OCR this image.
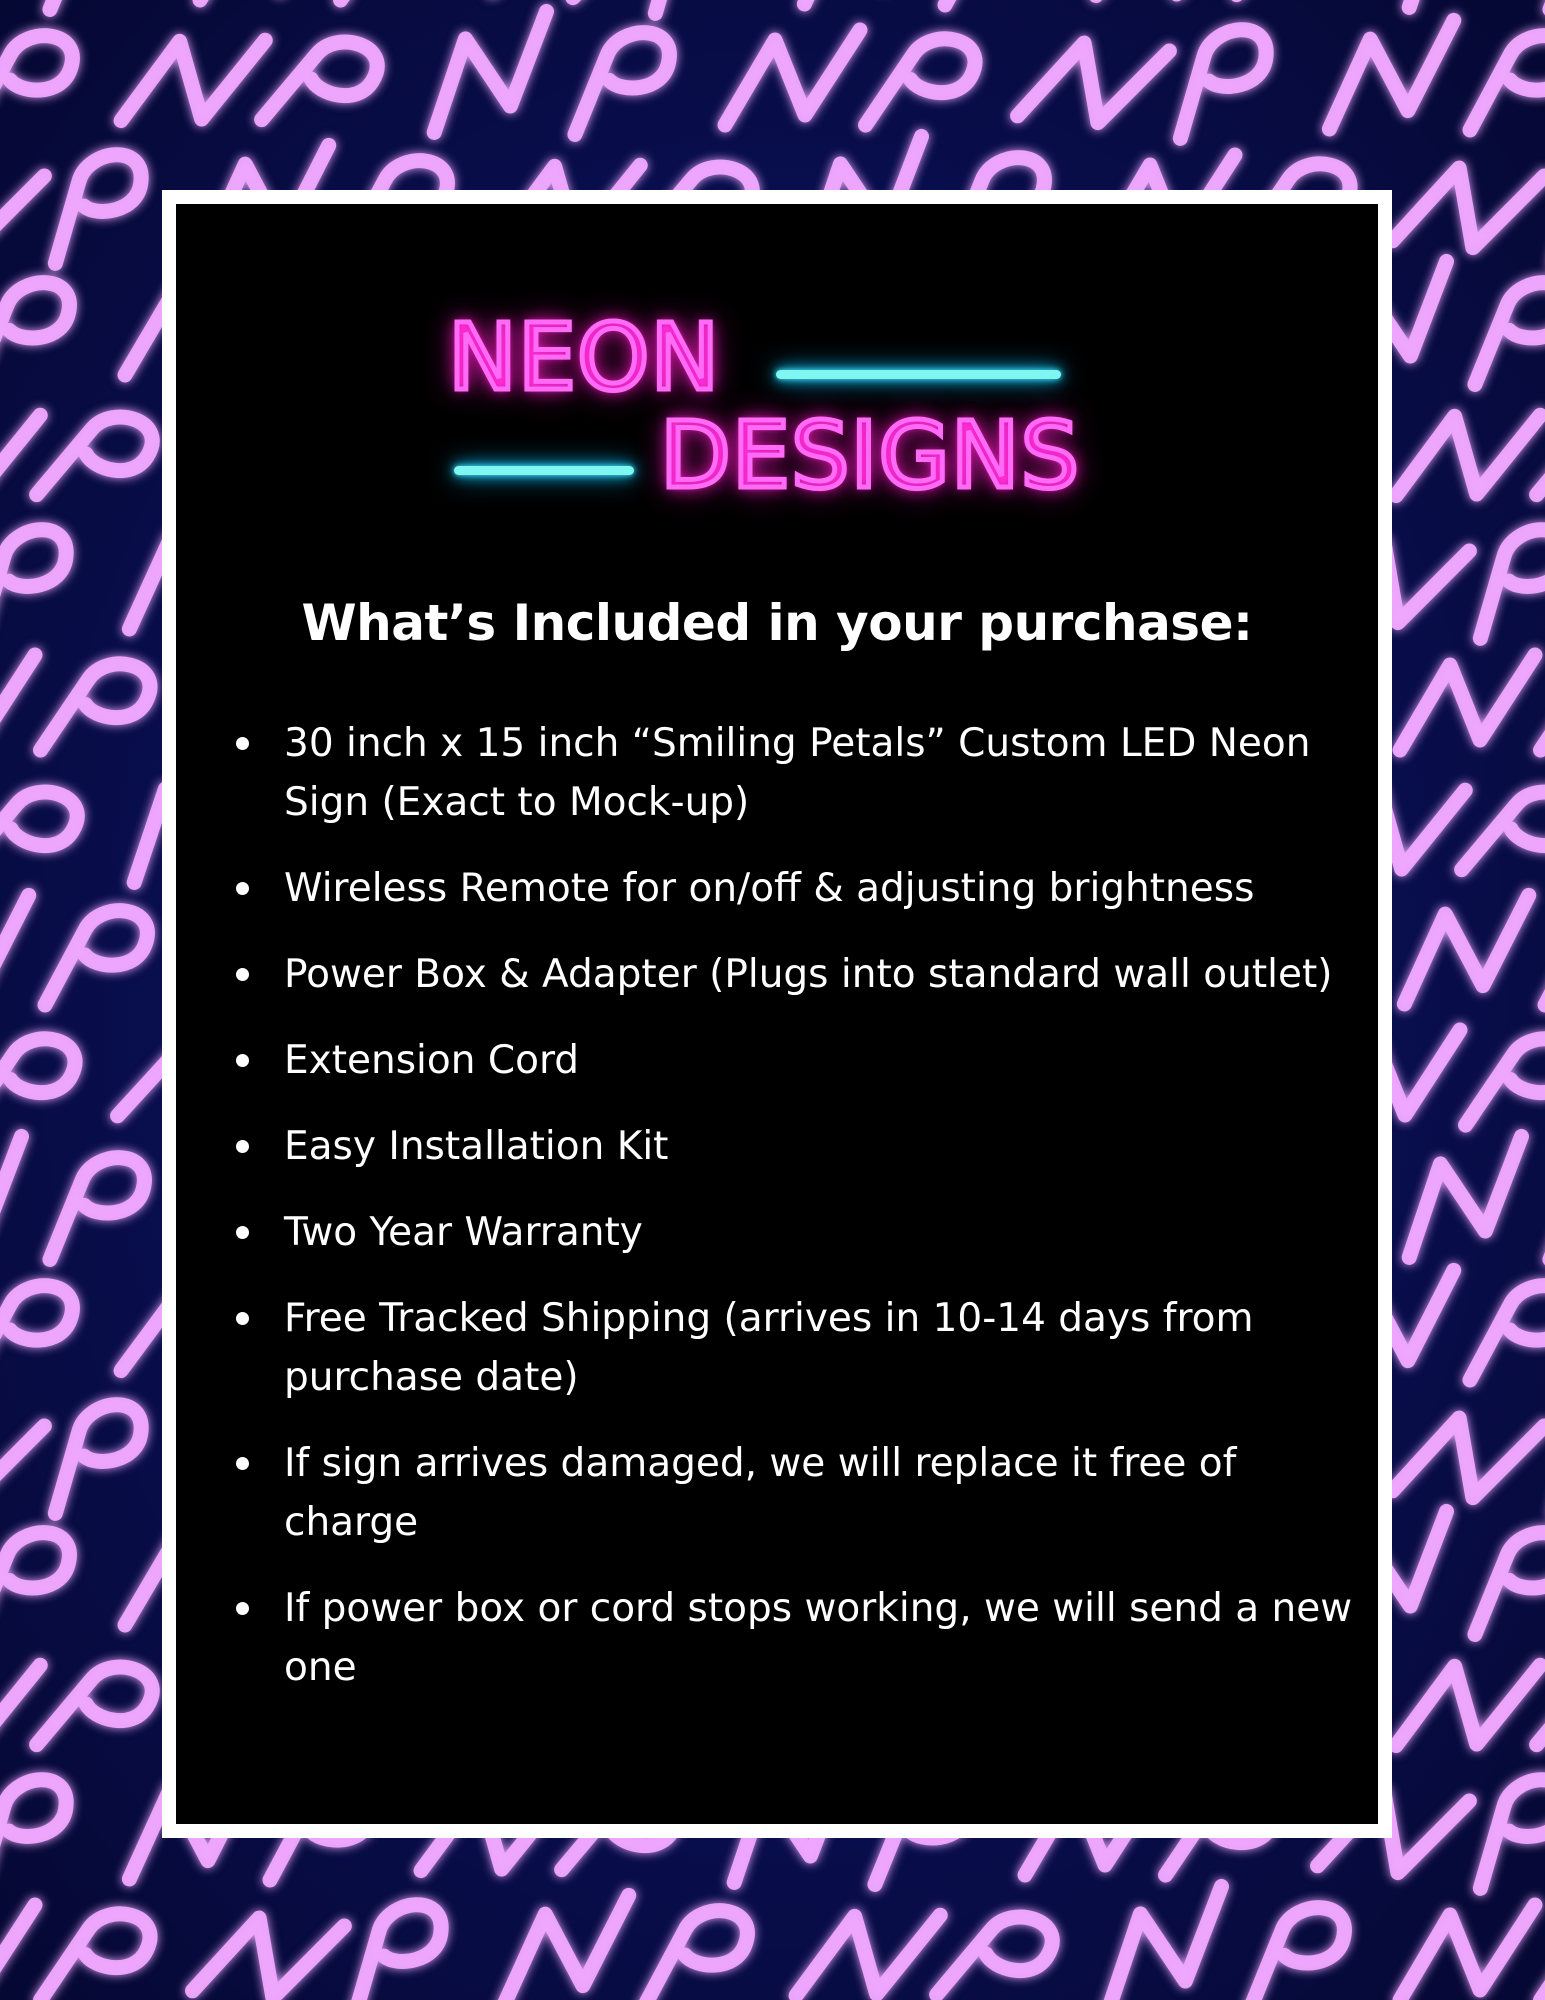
NEON
DESIGNS
What’s Included in your purchase:
30 inch x 15 inch “Smiling Petals” Custom LED Neon Sign (Exact to Mock-up)
Wireless Remote for on/off & adjusting brightness
Power Box & Adapter (Plugs into standard wall outlet)
Extension Cord
Easy Installation Kit
Two Year Warranty
Free Tracked Shipping (arrives in 10-14 days from purchase date)
If sign arrives damaged, we will replace it free of charge
If power box or cord stops working, we will send a new one
